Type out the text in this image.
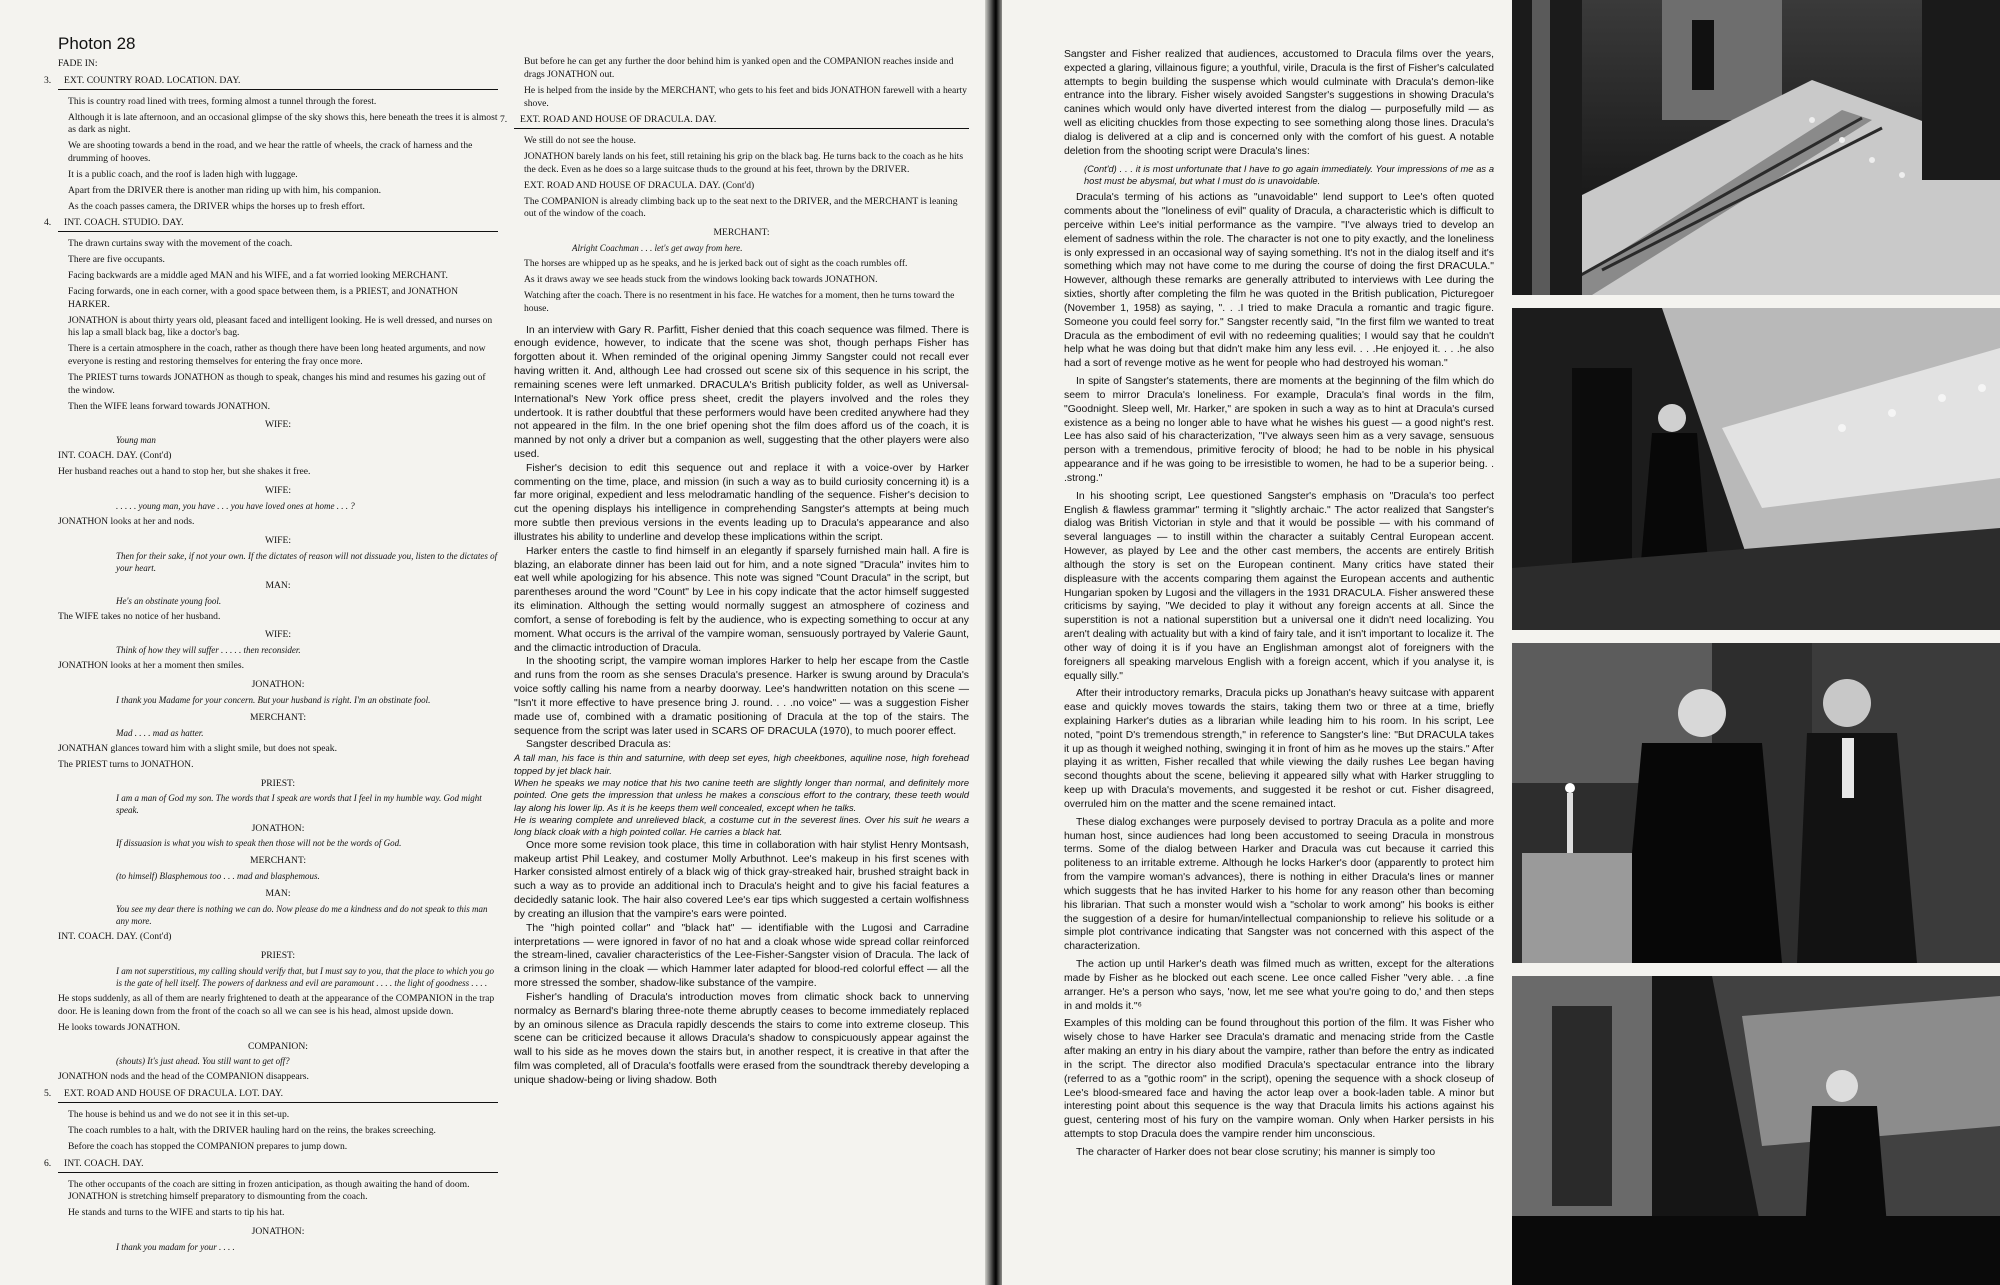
Photon 28

FADE IN:

3. EXT. COUNTRY ROAD. LOCATION. DAY.

This is country road lined with trees, forming almost a tunnel through the forest.

Although it is late afternoon, and an occasional glimpse of the sky shows this, here beneath the trees it is almost as dark as night.

We are shooting towards a bend in the road, and we hear the rattle of wheels, the crack of harness and the drumming of hooves.

It is a public coach, and the roof is laden high with luggage.

Apart from the DRIVER there is another man riding up with him, his companion.

As the coach passes camera, the DRIVER whips the horses up to fresh effort.

4. INT. COACH. STUDIO. DAY.

The drawn curtains sway with the movement of the coach.

There are five occupants.

Facing backwards are a middle aged MAN and his WIFE, and a fat worried looking MERCHANT.

Facing forwards, one in each corner, with a good space between them, is a PRIEST, and JONATHON HARKER.

JONATHON is about thirty years old, pleasant faced and intelligent looking. He is well dressed, and nurses on his lap a small black bag, like a doctor's bag.

There is a certain atmosphere in the coach, rather as though there have been long heated arguments, and now everyone is resting and restoring themselves for entering the fray once more.

The PRIEST turns towards JONATHON as though to speak, changes his mind and resumes his gazing out of the window.

Then the WIFE leans forward towards JONATHON.

WIFE:

Young man

INT. COACH. DAY. (Cont'd)

Her husband reaches out a hand to stop her, but she shakes it free.

WIFE:

. . . . . young man, you have . . . you have loved ones at home . . . ?

JONATHON looks at her and nods.

WIFE:

Then for their sake, if not your own. If the dictates of reason will not dissuade you, listen to the dictates of your heart.

MAN:

He's an obstinate young fool.

The WIFE takes no notice of her husband.

WIFE:

Think of how they will suffer . . . . . then reconsider.

JONATHON looks at her a moment then smiles.

JONATHON:

I thank you Madame for your concern. But your husband is right. I'm an obstinate fool.

MERCHANT:

Mad . . . . mad as hatter.

JONATHAN glances toward him with a slight smile, but does not speak.

The PRIEST turns to JONATHON.

PRIEST:

I am a man of God my son. The words that I speak are words that I feel in my humble way. God might speak.

JONATHON:

If dissuasion is what you wish to speak then those will not be the words of God.

MERCHANT:

(to himself) Blasphemous too . . . mad and blasphemous.

MAN:

You see my dear there is nothing we can do. Now please do me a kindness and do not speak to this man any more.

INT. COACH. DAY. (Cont'd)

PRIEST:

I am not superstitious, my calling should verify that, but I must say to you, that the place to which you go is the gate of hell itself. The powers of darkness and evil are paramount . . . . the light of goodness . . . .

He stops suddenly, as all of them are nearly frightened to death at the appearance of the COMPANION in the trap door. He is leaning down from the front of the coach so all we can see is his head, almost upside down.

He looks towards JONATHON.

COMPANION:

(shouts) It's just ahead. You still want to get off?

JONATHON nods and the head of the COMPANION disappears.

5. EXT. ROAD AND HOUSE OF DRACULA. LOT. DAY.

The house is behind us and we do not see it in this set-up.

The coach rumbles to a halt, with the DRIVER hauling hard on the reins, the brakes screeching.

Before the coach has stopped the COMPANION prepares to jump down.

6. INT. COACH. DAY.

The other occupants of the coach are sitting in frozen anticipation, as though awaiting the hand of doom. JONATHON is stretching himself preparatory to dismounting from the coach.

He stands and turns to the WIFE and starts to tip his hat.

JONATHON:

I thank you madam for your . . . .

But before he can get any further the door behind him is yanked open and the COMPANION reaches inside and drags JONATHON out.

He is helped from the inside by the MERCHANT, who gets to his feet and bids JONATHON farewell with a hearty shove.

7. EXT. ROAD AND HOUSE OF DRACULA. DAY.

We still do not see the house.

JONATHON barely lands on his feet, still retaining his grip on the black bag. He turns back to the coach as he hits the deck. Even as he does so a large suitcase thuds to the ground at his feet, thrown by the DRIVER.

EXT. ROAD AND HOUSE OF DRACULA. DAY. (Cont'd)

The COMPANION is already climbing back up to the seat next to the DRIVER, and the MERCHANT is leaning out of the window of the coach.

MERCHANT:

Alright Coachman . . . let's get away from here.

The horses are whipped up as he speaks, and he is jerked back out of sight as the coach rumbles off.

As it draws away we see heads stuck from the windows looking back towards JONATHON.

Watching after the coach. There is no resentment in his face. He watches for a moment, then he turns toward the house.

In an interview with Gary R. Parfitt, Fisher denied that this coach sequence was filmed. There is enough evidence, however, to indicate that the scene was shot, though perhaps Fisher has forgotten about it. When reminded of the original opening Jimmy Sangster could not recall ever having written it. And, although Lee had crossed out scene six of this sequence in his script, the remaining scenes were left unmarked. DRACULA's British publicity folder, as well as Universal-International's New York office press sheet, credit the players involved and the roles they undertook. It is rather doubtful that these performers would have been credited anywhere had they not appeared in the film. In the one brief opening shot the film does afford us of the coach, it is manned by not only a driver but a companion as well, suggesting that the other players were also used.

Fisher's decision to edit this sequence out and replace it with a voice-over by Harker commenting on the time, place, and mission (in such a way as to build curiosity concerning it) is a far more original, expedient and less melodramatic handling of the sequence. Fisher's decision to cut the opening displays his intelligence in comprehending Sangster's attempts at being much more subtle then previous versions in the events leading up to Dracula's appearance and also illustrates his ability to underline and develop these implications within the script.

Harker enters the castle to find himself in an elegantly if sparsely furnished main hall. A fire is blazing, an elaborate dinner has been laid out for him, and a note signed "Dracula" invites him to eat well while apologizing for his absence. This note was signed "Count Dracula" in the script, but parentheses around the word "Count" by Lee in his copy indicate that the actor himself suggested its elimination. Although the setting would normally suggest an atmosphere of coziness and comfort, a sense of foreboding is felt by the audience, who is expecting something to occur at any moment. What occurs is the arrival of the vampire woman, sensuously portrayed by Valerie Gaunt, and the climactic introduction of Dracula.

In the shooting script, the vampire woman implores Harker to help her escape from the Castle and runs from the room as she senses Dracula's presence. Harker is swung around by Dracula's voice softly calling his name from a nearby doorway. Lee's handwritten notation on this scene — "Isn't it more effective to have presence bring J. round. . . .no voice" — was a suggestion Fisher made use of, combined with a dramatic positioning of Dracula at the top of the stairs. The sequence from the script was later used in SCARS OF DRACULA (1970), to much poorer effect.

Sangster described Dracula as:

A tall man, his face is thin and saturnine, with deep set eyes, high cheekbones, aquiline nose, high forehead topped by jet black hair.

When he speaks we may notice that his two canine teeth are slightly longer than normal, and definitely more pointed. One gets the impression that unless he makes a conscious effort to the contrary, these teeth would lay along his lower lip. As it is he keeps them well concealed, except when he talks.

He is wearing complete and unrelieved black, a costume cut in the severest lines. Over his suit he wears a long black cloak with a high pointed collar. He carries a black hat.

Once more some revision took place, this time in collaboration with hair stylist Henry Montsash, makeup artist Phil Leakey, and costumer Molly Arbuthnot. Lee's makeup in his first scenes with Harker consisted almost entirely of a black wig of thick gray-streaked hair, brushed straight back in such a way as to provide an additional inch to Dracula's height and to give his facial features a decidedly satanic look. The hair also covered Lee's ear tips which suggested a certain wolfishness by creating an illusion that the vampire's ears were pointed.

The "high pointed collar" and "black hat" — identifiable with the Lugosi and Carradine interpretations — were ignored in favor of no hat and a cloak whose wide spread collar reinforced the stream-lined, cavalier characteristics of the Lee-Fisher-Sangster vision of Dracula. The lack of a crimson lining in the cloak — which Hammer later adapted for blood-red colorful effect — all the more stressed the somber, shadow-like substance of the vampire.

Fisher's handling of Dracula's introduction moves from climatic shock back to unnerving normalcy as Bernard's blaring three-note theme abruptly ceases to become immediately replaced by an ominous silence as Dracula rapidly descends the stairs to come into extreme closeup. This scene can be criticized because it allows Dracula's shadow to conspicuously appear against the wall to his side as he moves down the stairs but, in another respect, it is creative in that after the film was completed, all of Dracula's footfalls were erased from the soundtrack thereby developing a unique shadow-being or living shadow. Both

Sangster and Fisher realized that audiences, accustomed to Dracula films over the years, expected a glaring, villainous figure; a youthful, virile, Dracula is the first of Fisher's calculated attempts to begin building the suspense which would culminate with Dracula's demon-like entrance into the library. Fisher wisely avoided Sangster's suggestions in showing Dracula's canines which would only have diverted interest from the dialog — purposefully mild — as well as eliciting chuckles from those expecting to see something along those lines. Dracula's dialog is delivered at a clip and is concerned only with the comfort of his guest. A notable deletion from the shooting script were Dracula's lines:

(Cont'd) . . . it is most unfortunate that I have to go again immediately. Your impressions of me as a host must be abysmal, but what I must do is unavoidable.

Dracula's terming of his actions as "unavoidable" lend support to Lee's often quoted comments about the "loneliness of evil" quality of Dracula, a characteristic which is difficult to perceive within Lee's initial performance as the vampire. "I've always tried to develop an element of sadness within the role. The character is not one to pity exactly, and the loneliness is only expressed in an occasional way of saying something. It's not in the dialog itself and it's something which may not have come to me during the course of doing the first DRACULA." However, although these remarks are generally attributed to interviews with Lee during the sixties, shortly after completing the film he was quoted in the British publication, Picturegoer (November 1, 1958) as saying, ". . .I tried to make Dracula a romantic and tragic figure. Someone you could feel sorry for." Sangster recently said, "In the first film we wanted to treat Dracula as the embodiment of evil with no redeeming qualities; I would say that he couldn't help what he was doing but that didn't make him any less evil. . . .He enjoyed it. . . .he also had a sort of revenge motive as he went for people who had destroyed his woman."

In spite of Sangster's statements, there are moments at the beginning of the film which do seem to mirror Dracula's loneliness. For example, Dracula's final words in the film, "Goodnight. Sleep well, Mr. Harker," are spoken in such a way as to hint at Dracula's cursed existence as a being no longer able to have what he wishes his guest — a good night's rest. Lee has also said of his characterization, "I've always seen him as a very savage, sensuous person with a tremendous, primitive ferocity of blood; he had to be noble in his physical appearance and if he was going to be irresistible to women, he had to be a superior being. . .strong."

In his shooting script, Lee questioned Sangster's emphasis on "Dracula's too perfect English & flawless grammar" terming it "slightly archaic." The actor realized that Sangster's dialog was British Victorian in style and that it would be possible — with his command of several languages — to instill within the character a suitably Central European accent. However, as played by Lee and the other cast members, the accents are entirely British although the story is set on the European continent. Many critics have stated their displeasure with the accents comparing them against the European accents and authentic Hungarian spoken by Lugosi and the villagers in the 1931 DRACULA. Fisher answered these criticisms by saying, "We decided to play it without any foreign accents at all. Since the superstition is not a national superstition but a universal one it didn't need localizing. You aren't dealing with actuality but with a kind of fairy tale, and it isn't important to localize it. The other way of doing it is if you have an Englishman amongst alot of foreigners with the foreigners all speaking marvelous English with a foreign accent, which if you analyse it, is equally silly."

After their introductory remarks, Dracula picks up Jonathan's heavy suitcase with apparent ease and quickly moves towards the stairs, taking them two or three at a time, briefly explaining Harker's duties as a librarian while leading him to his room. In his script, Lee noted, "point D's tremendous strength," in reference to Sangster's line: "But DRACULA takes it up as though it weighed nothing, swinging it in front of him as he moves up the stairs." After playing it as written, Fisher recalled that while viewing the daily rushes Lee began having second thoughts about the scene, believing it appeared silly what with Harker struggling to keep up with Dracula's movements, and suggested it be reshot or cut. Fisher disagreed, overruled him on the matter and the scene remained intact.

These dialog exchanges were purposely devised to portray Dracula as a polite and more human host, since audiences had long been accustomed to seeing Dracula in monstrous terms. Some of the dialog between Harker and Dracula was cut because it carried this politeness to an irritable extreme. Although he locks Harker's door (apparently to protect him from the vampire woman's advances), there is nothing in either Dracula's lines or manner which suggests that he has invited Harker to his home for any reason other than becoming his librarian. That such a monster would wish a "scholar to work among" his books is either the suggestion of a desire for human/intellectual companionship to relieve his solitude or a simple plot contrivance indicating that Sangster was not concerned with this aspect of the characterization.

The action up until Harker's death was filmed much as written, except for the alterations made by Fisher as he blocked out each scene. Lee once called Fisher "very able. . .a fine arranger. He's a person who says, 'now, let me see what you're going to do,' and then steps in and molds it."⁶

Examples of this molding can be found throughout this portion of the film. It was Fisher who wisely chose to have Harker see Dracula's dramatic and menacing stride from the Castle after making an entry in his diary about the vampire, rather than before the entry as indicated in the script. The director also modified Dracula's spectacular entrance into the library (referred to as a "gothic room" in the script), opening the sequence with a shock closeup of Lee's blood-smeared face and having the actor leap over a book-laden table. A minor but interesting point about this sequence is the way that Dracula limits his actions against his guest, centering most of his fury on the vampire woman. Only when Harker persists in his attempts to stop Dracula does the vampire render him unconscious.

The character of Harker does not bear close scrutiny; his manner is simply too
